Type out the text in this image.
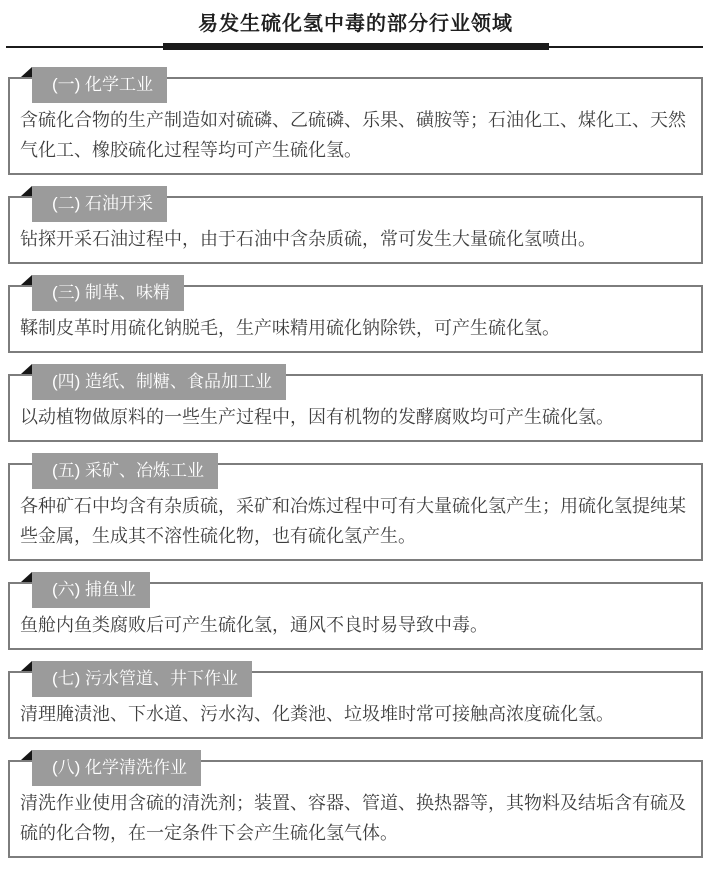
易发生硫化氢中毒的部分行业领域
(一) 化学工业

含硫化合物的生产制造如对硫磷、乙硫磷、乐果、磺胺等；石油化工、煤化工、天然气化工、橡胶硫化过程等均可产生硫化氢。

(二) 石油开采

钻探开采石油过程中，由于石油中含杂质硫，常可发生大量硫化氢喷出。

(三) 制革、味精

鞣制皮革时用硫化钠脱毛，生产味精用硫化钠除铁，可产生硫化氢。

(四) 造纸、制糖、食品加工业

以动植物做原料的一些生产过程中，因有机物的发酵腐败均可产生硫化氢。

(五) 采矿、冶炼工业

各种矿石中均含有杂质硫，采矿和冶炼过程中可有大量硫化氢产生；用硫化氢提纯某些金属，生成其不溶性硫化物，也有硫化氢产生。

(六) 捕鱼业

鱼舱内鱼类腐败后可产生硫化氢，通风不良时易导致中毒。

(七) 污水管道、井下作业

清理腌渍池、下水道、污水沟、化粪池、垃圾堆时常可接触高浓度硫化氢。

(八) 化学清洗作业

清洗作业使用含硫的清洗剂；装置、容器、管道、换热器等，其物料及结垢含有硫及硫的化合物，在一定条件下会产生硫化氢气体。
